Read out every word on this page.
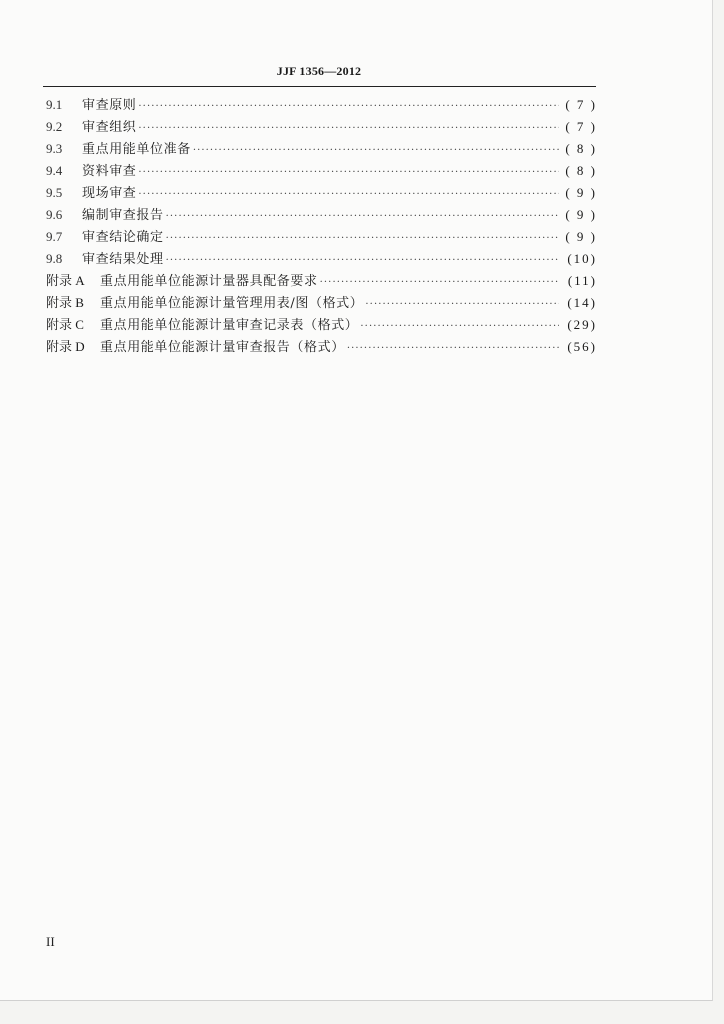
JJF 1356—2012
9.1	审查原则 ·····	( 7 )
9.2	审查组织 ·····	( 7 )
9.3	重点用能单位准备 ·····	( 8 )
9.4	资料审查 ·····	( 8 )
9.5	现场审查 ·····	( 9 )
9.6	编制审查报告 ·····	( 9 )
9.7	审查结论确定 ·····	( 9 )
9.8	审查结果处理 ·····	(10)
附录 A	重点用能单位能源计量器具配备要求 ·····	(11)
附录 B	重点用能单位能源计量管理用表/图（格式） ·····	(14)
附录 C	重点用能单位能源计量审查记录表（格式） ·····	(29)
附录 D	重点用能单位能源计量审查报告（格式） ·····	(56)
II
